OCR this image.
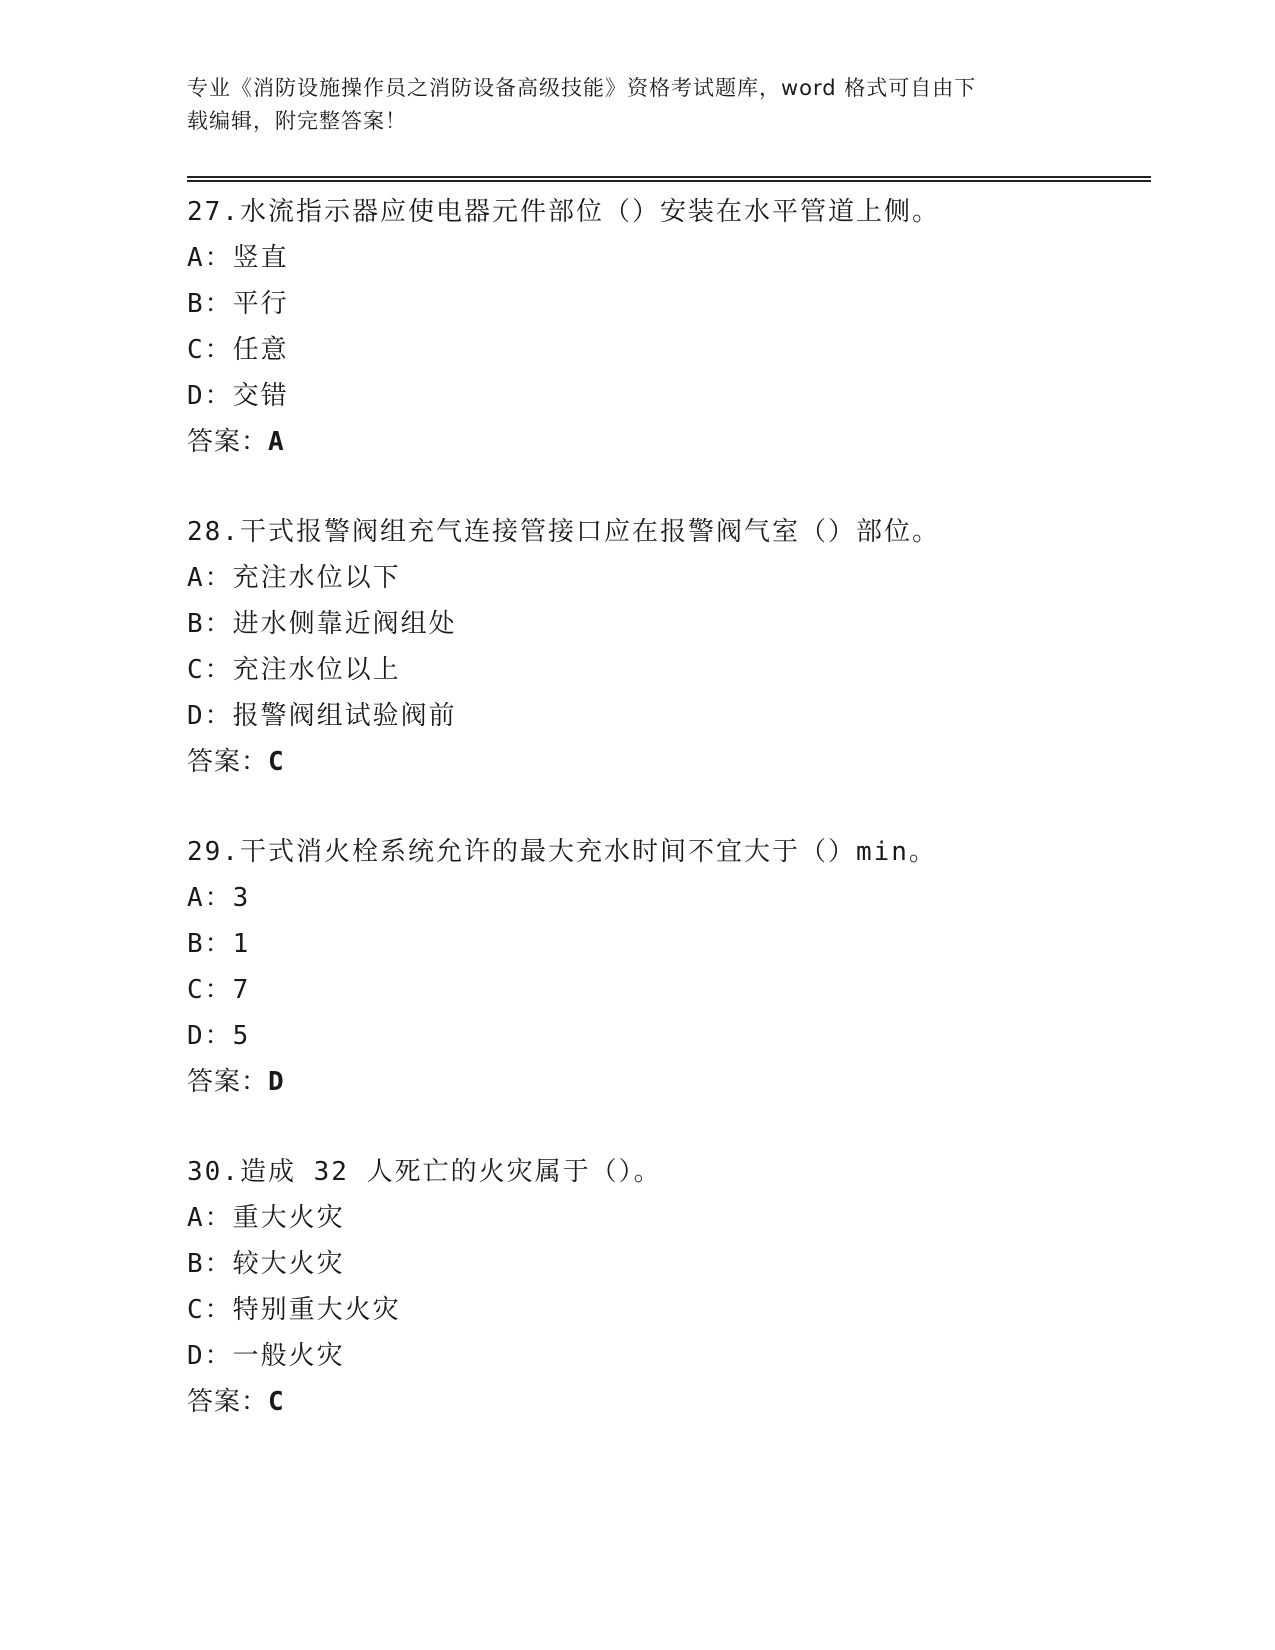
专业《消防设施操作员之消防设备高级技能》资格考试题库，word 格式可自由下
载编辑，附完整答案！
27.水流指示器应使电器元件部位（）安装在水平管道上侧。
A：竖直
B：平行
C：任意
D：交错
答案：A
28.干式报警阀组充气连接管接口应在报警阀气室（）部位。
A：充注水位以下
B：进水侧靠近阀组处
C：充注水位以上
D：报警阀组试验阀前
答案：C
29.干式消火栓系统允许的最大充水时间不宜大于（）min。
A：3
B：1
C：7
D：5
答案：D
30.造成 32 人死亡的火灾属于（）。
A：重大火灾
B：较大火灾
C：特别重大火灾
D：一般火灾
答案：C
